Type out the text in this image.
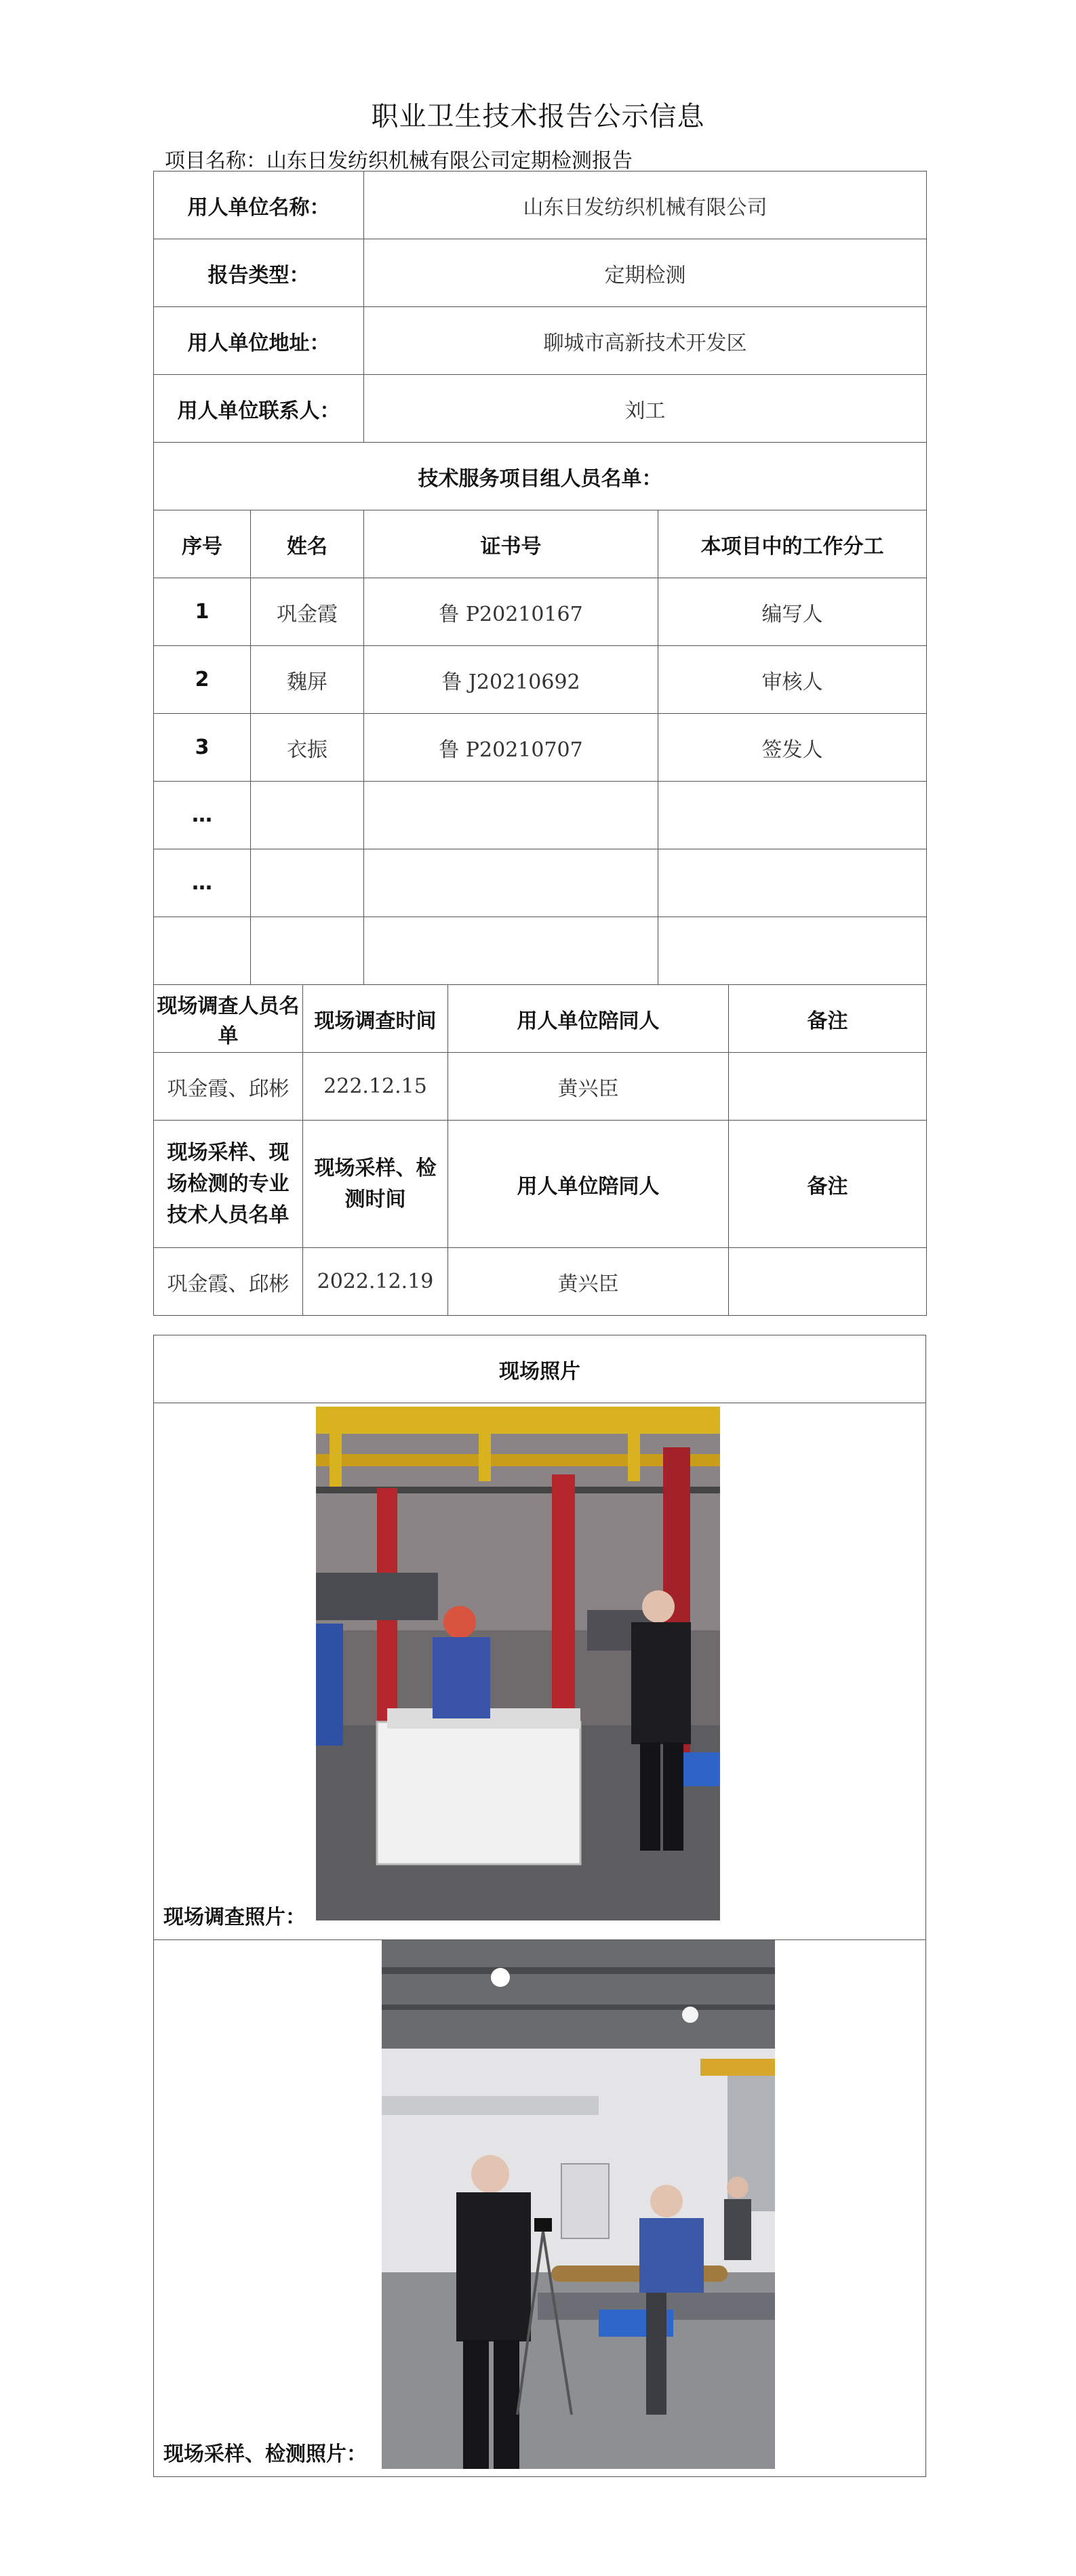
职业卫生技术报告公示信息
项目名称：山东日发纺织机械有限公司定期检测报告
用人单位名称：			山东日发纺织机械有限公司			
报告类型：			定期检测			
用人单位地址：			聊城市高新技术开发区			
用人单位联系人：			刘工			
技术服务项目组人员名单：						
序号	姓名		证书号		本项目中的工作分工	
1	巩金霞		鲁 P20210167		编写人	
2	魏屏		鲁 J20210692		审核人	
3	衣振		鲁 P20210707		签发人	
…						
…						

现场调查人员名单		现场调查时间		用人单位陪同人		备注
巩金霞、邱彬		222.12.15		黄兴臣		
现场采样、现场检测的专业技术人员名单		现场采样、检测时间		用人单位陪同人		备注
巩金霞、邱彬		2022.12.19		黄兴臣		
现场照片
现场调查照片：
现场采样、检测照片：
